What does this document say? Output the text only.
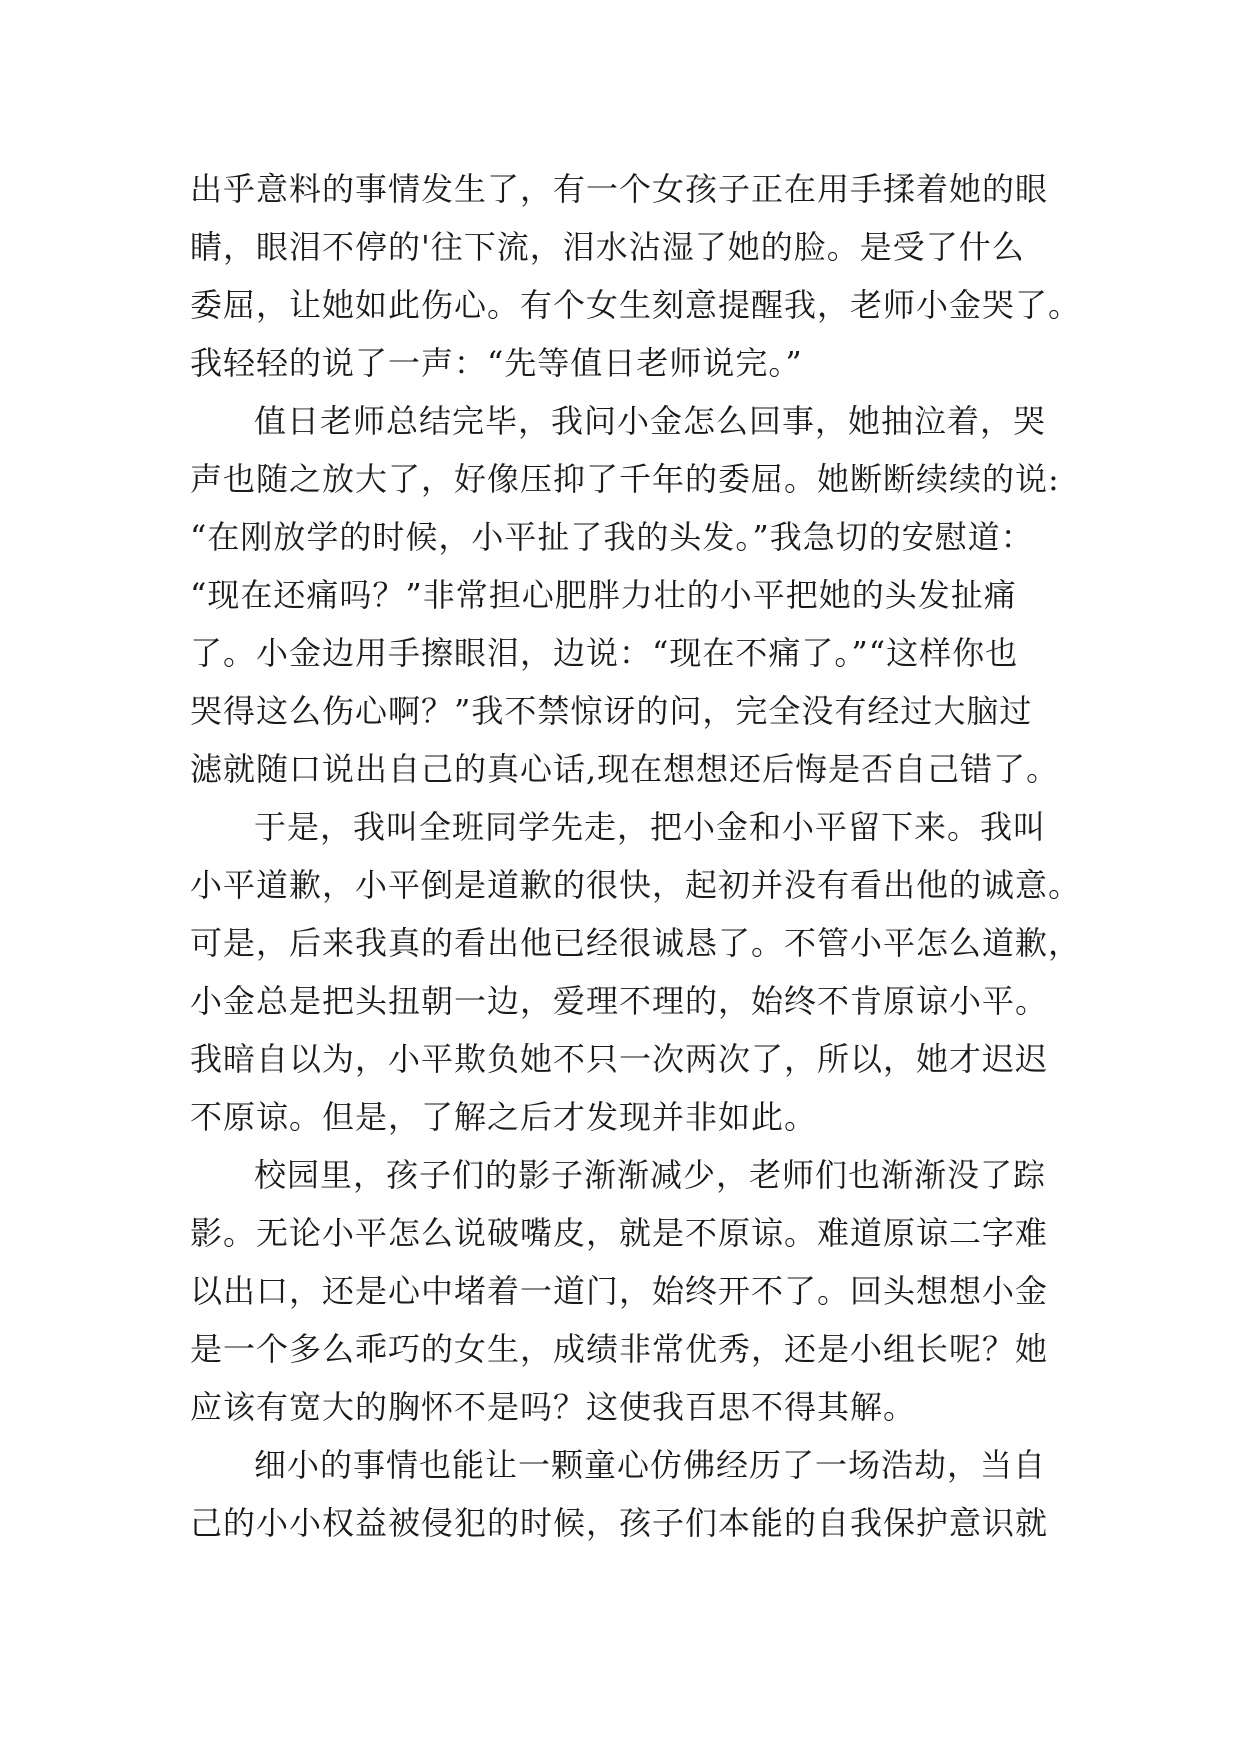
出乎意料的事情发生了，有一个女孩子正在用手揉着她的眼
睛，眼泪不停的'往下流，泪水沾湿了她的脸。是受了什么
委屈，让她如此伤心。有个女生刻意提醒我，老师小金哭了。
我轻轻的说了一声：“先等值日老师说完。”
值日老师总结完毕，我问小金怎么回事，她抽泣着，哭
声也随之放大了，好像压抑了千年的委屈。她断断续续的说:
“在刚放学的时候，小平扯了我的头发。”我急切的安慰道：
“现在还痛吗？”非常担心肥胖力壮的小平把她的头发扯痛
了。小金边用手擦眼泪，边说：“现在不痛了。”“这样你也
哭得这么伤心啊？”我不禁惊讶的问，完全没有经过大脑过
滤就随口说出自己的真心话,现在想想还后悔是否自己错了。
于是，我叫全班同学先走，把小金和小平留下来。我叫
小平道歉，小平倒是道歉的很快，起初并没有看出他的诚意。
可是，后来我真的看出他已经很诚恳了。不管小平怎么道歉，
小金总是把头扭朝一边，爱理不理的，始终不肯原谅小平。
我暗自以为，小平欺负她不只一次两次了，所以，她才迟迟
不原谅。但是，了解之后才发现并非如此。
校园里，孩子们的影子渐渐减少，老师们也渐渐没了踪
影。无论小平怎么说破嘴皮，就是不原谅。难道原谅二字难
以出口，还是心中堵着一道门，始终开不了。回头想想小金
是一个多么乖巧的女生，成绩非常优秀，还是小组长呢？她
应该有宽大的胸怀不是吗？这使我百思不得其解。
细小的事情也能让一颗童心仿佛经历了一场浩劫，当自
己的小小权益被侵犯的时候，孩子们本能的自我保护意识就
